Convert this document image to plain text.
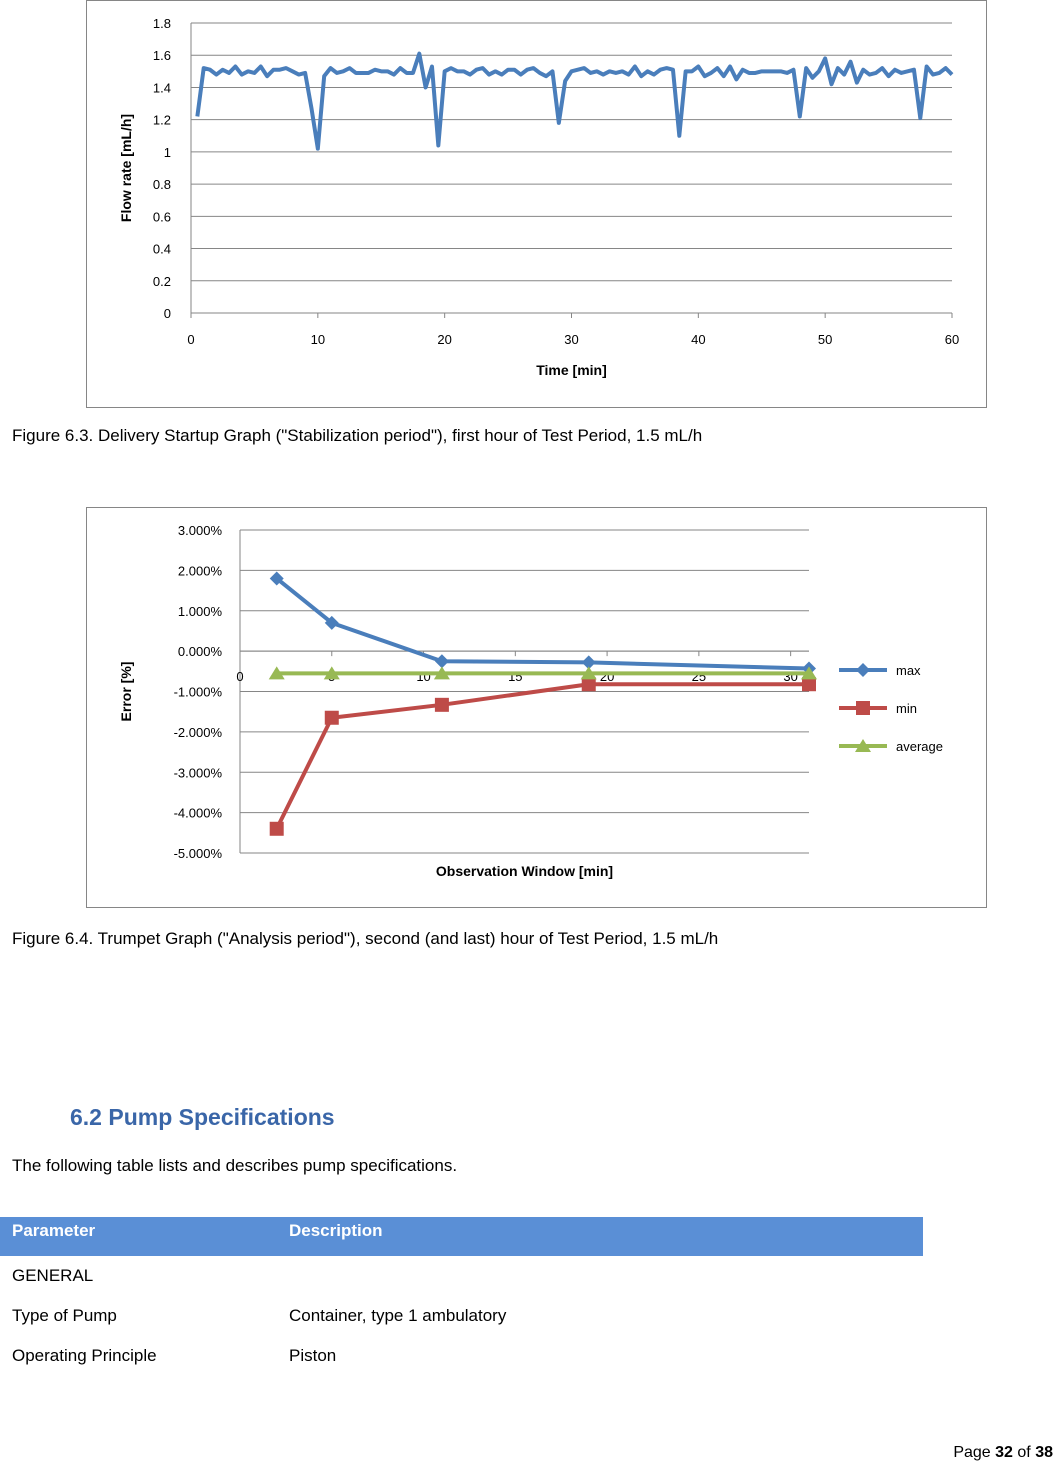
0
0.2
0.4
0.6
0.8
1
1.2
1.4
1.6
1.8
0	10	20	30	40	50	60
Time [min]
Flow rate [mL/h]
Figure 6.3. Delivery Startup Graph ("Stabilization period"), first hour of Test Period, 1.5 mL/h
3.000%
2.000%
1.000%
0.000%
-1.000%
-2.000%
-3.000%
-4.000%
-5.000%
0	10	15	20	25	30
Observation Window [min]
Error [%]	max
min
average
Figure 6.4. Trumpet Graph ("Analysis period"), second (and last) hour of Test Period, 1.5 mL/h
6.2 Pump Specifications
The following table lists and describes pump specifications.
Parameter	Description
GENERAL
Type of Pump	Container, type 1 ambulatory
Operating Principle	Piston
Page 32 of 38
